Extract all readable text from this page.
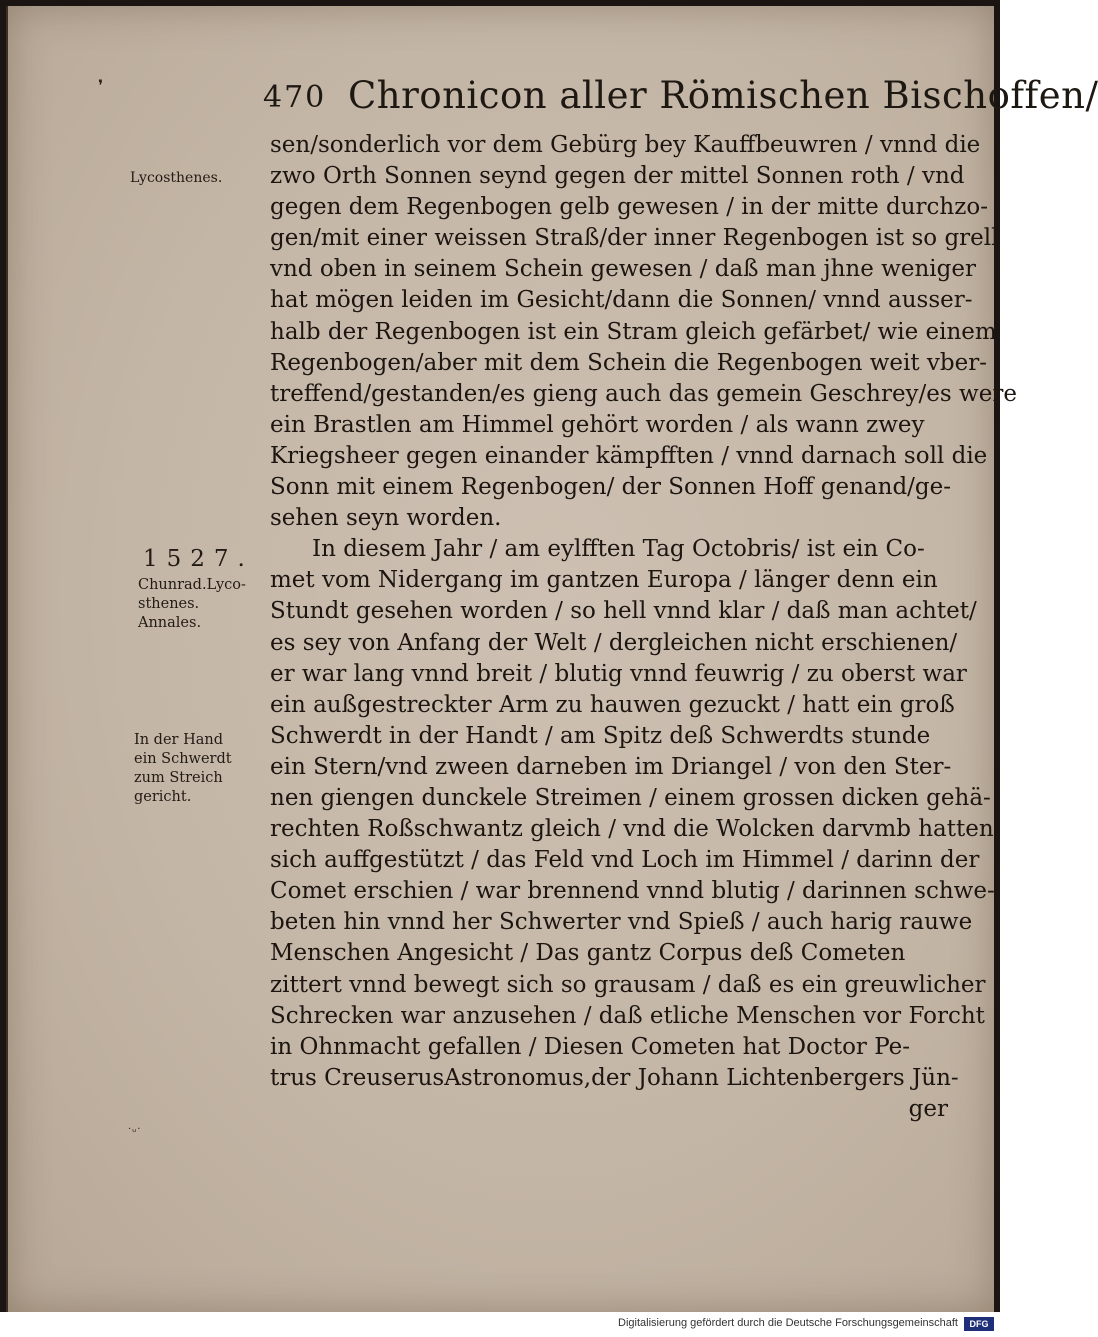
❜
·ᵤ·
470 Chronicon aller Römischen Bischoffen/
Lycosthenes.
1527.
Chunrad.Lyco-
sthenes.
Annales.
In der Hand
ein Schwerdt
zum Streich
gericht.
sen/sonderlich vor dem Gebürg bey Kauffbeuwren / vnnd die
zwo Orth Sonnen seynd gegen der mittel Sonnen roth / vnd
gegen dem Regenbogen gelb gewesen / in der mitte durchzo-
gen/mit einer weissen Straß/der inner Regenbogen ist so grell
vnd oben in seinem Schein gewesen / daß man jhne weniger
hat mögen leiden im Gesicht/dann die Sonnen/ vnnd ausser-
halb der Regenbogen ist ein Stram gleich gefärbet/ wie einem
Regenbogen/aber mit dem Schein die Regenbogen weit vber-
treffend/gestanden/es gieng auch das gemein Geschrey/es were
ein Brastlen am Himmel gehört worden / als wann zwey
Kriegsheer gegen einander kämpfften / vnnd darnach soll die
Sonn mit einem Regenbogen/ der Sonnen Hoff genand/ge-
sehen seyn worden.
In diesem Jahr / am eylfften Tag Octobris/ ist ein Co-
met vom Nidergang im gantzen Europa / länger denn ein
Stundt gesehen worden / so hell vnnd klar / daß man achtet/
es sey von Anfang der Welt / dergleichen nicht erschienen/
er war lang vnnd breit / blutig vnnd feuwrig / zu oberst war
ein außgestreckter Arm zu hauwen gezuckt / hatt ein groß
Schwerdt in der Handt / am Spitz deß Schwerdts stunde
ein Stern/vnd zween darneben im Driangel / von den Ster-
nen giengen dunckele Streimen / einem grossen dicken gehä-
rechten Roßschwantz gleich / vnd die Wolcken darvmb hatten
sich auffgestützt / das Feld vnd Loch im Himmel / darinn der
Comet erschien / war brennend vnnd blutig / darinnen schwe-
beten hin vnnd her Schwerter vnd Spieß / auch harig rauwe
Menschen Angesicht / Das gantz Corpus deß Cometen
zittert vnnd bewegt sich so grausam / daß es ein greuwlicher
Schrecken war anzusehen / daß etliche Menschen vor Forcht
in Ohnmacht gefallen / Diesen Cometen hat Doctor Pe-
trus CreuserusAstronomus,der Johann Lichtenbergers Jün-
ger
Digitalisierung gefördert durch die Deutsche Forschungsgemeinschaft	DFG
